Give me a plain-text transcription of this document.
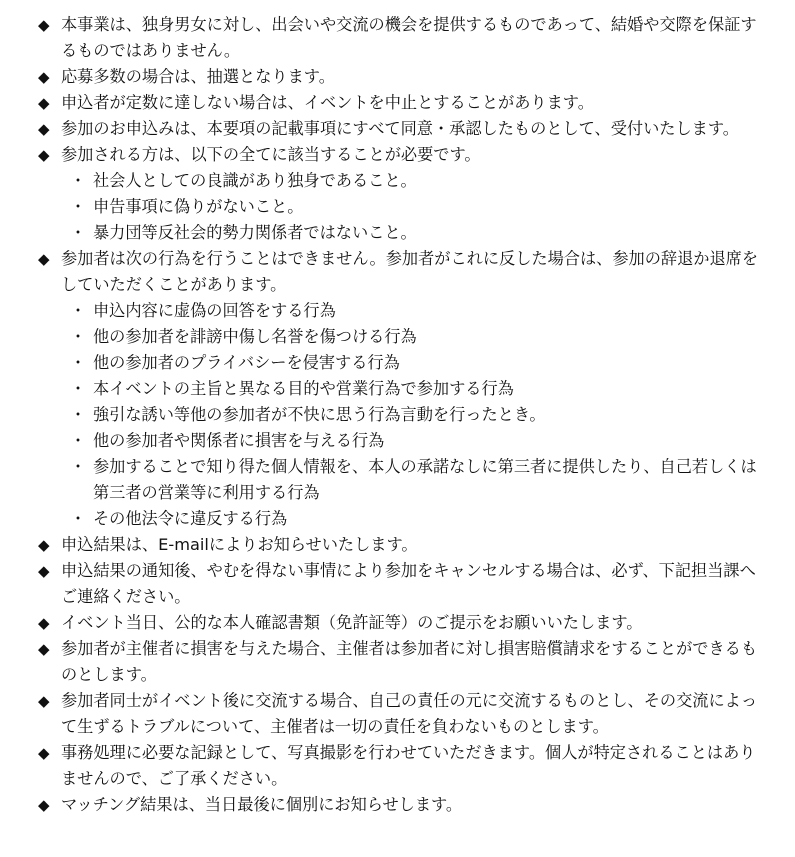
◆ 本事業は、独身男女に対し、出会いや交流の機会を提供するものであって、結婚や交際を保証するものではありません。
◆ 応募多数の場合は、抽選となります。
◆ 申込者が定数に達しない場合は、イベントを中止とすることがあります。
◆ 参加のお申込みは、本要項の記載事項にすべて同意・承認したものとして、受付いたします。
◆ 参加される方は、以下の全てに該当することが必要です。
・ 社会人としての良識があり独身であること。
・ 申告事項に偽りがないこと。
・ 暴力団等反社会的勢力関係者ではないこと。
◆ 参加者は次の行為を行うことはできません。参加者がこれに反した場合は、参加の辞退か退席をしていただくことがあります。
・ 申込内容に虚偽の回答をする行為
・ 他の参加者を誹謗中傷し名誉を傷つける行為
・ 他の参加者のプライバシーを侵害する行為
・ 本イベントの主旨と異なる目的や営業行為で参加する行為
・ 強引な誘い等他の参加者が不快に思う行為言動を行ったとき。
・ 他の参加者や関係者に損害を与える行為
・ 参加することで知り得た個人情報を、本人の承諾なしに第三者に提供したり、自己若しくは第三者の営業等に利用する行為
・ その他法令に違反する行為
◆ 申込結果は、E-mailによりお知らせいたします。
◆ 申込結果の通知後、やむを得ない事情により参加をキャンセルする場合は、必ず、下記担当課へご連絡ください。
◆ イベント当日、公的な本人確認書類（免許証等）のご提示をお願いいたします。
◆ 参加者が主催者に損害を与えた場合、主催者は参加者に対し損害賠償請求をすることができるものとします。
◆ 参加者同士がイベント後に交流する場合、自己の責任の元に交流するものとし、その交流によって生ずるトラブルについて、主催者は一切の責任を負わないものとします。
◆ 事務処理に必要な記録として、写真撮影を行わせていただきます。個人が特定されることはありませんので、ご了承ください。
◆ マッチング結果は、当日最後に個別にお知らせします。
